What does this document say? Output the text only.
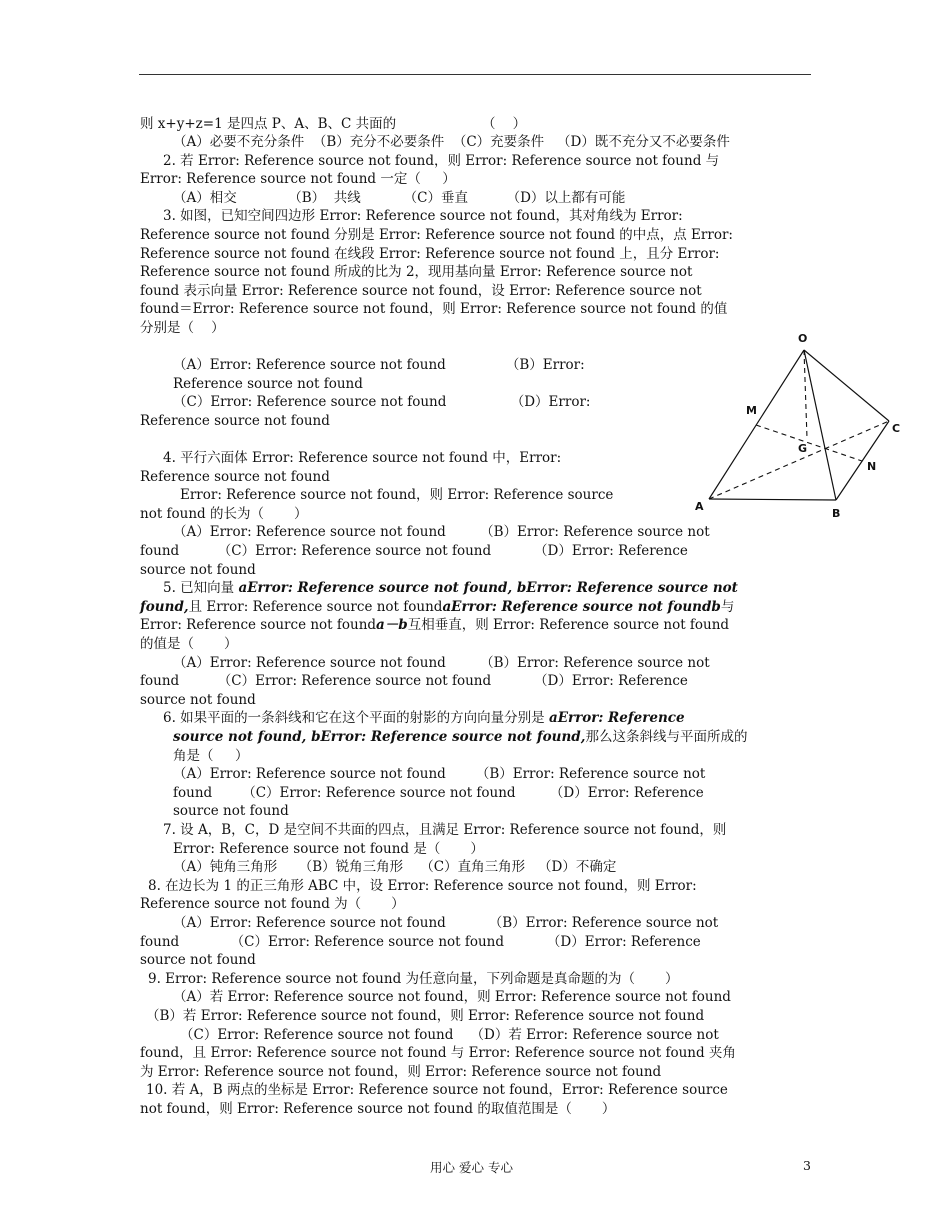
则 x+y+z=1 是四点 P、A、B、C 共面的                    （    ）
（A）必要不充分条件  （B）充分不必要条件  （C）充要条件   （D）既不充分又不必要条件
2. 若 Error: Reference source not found，则 Error: Reference source not found 与
Error: Reference source not found 一定（     ）
（A）相交            （B）  共线          （C）垂直         （D）以上都有可能
3. 如图，已知空间四边形 Error: Reference source not found，其对角线为 Error:
Reference source not found 分别是 Error: Reference source not found 的中点，点 Error:
Reference source not found 在线段 Error: Reference source not found 上，且分 Error:
Reference source not found 所成的比为 2，现用基向量 Error: Reference source not
found 表示向量 Error: Reference source not found，设 Error: Reference source not
found＝Error: Reference source not found，则 Error: Reference source not found 的值
分别是（    ）
（A）Error: Reference source not found              （B）Error:
Reference source not found
（C）Error: Reference source not found               （D）Error:
Reference source not found
4. 平行六面体 Error: Reference source not found 中，Error:
Reference source not found
Error: Reference source not found，则 Error: Reference source
not found 的长为（       ）
（A）Error: Reference source not found        （B）Error: Reference source not
found         （C）Error: Reference source not found          （D）Error: Reference
source not found
5. 已知向量 aError: Reference source not found, bError: Reference source not
found,且 Error: Reference source not foundaError: Reference source not foundb与
Error: Reference source not founda－b互相垂直，则 Error: Reference source not found
的值是（       ）
（A）Error: Reference source not found        （B）Error: Reference source not
found         （C）Error: Reference source not found          （D）Error: Reference
source not found
6. 如果平面的一条斜线和它在这个平面的射影的方向向量分别是 aError: Reference
source not found, bError: Reference source not found,那么这条斜线与平面所成的
角是（     ）
（A）Error: Reference source not found       （B）Error: Reference source not
found       （C）Error: Reference source not found        （D）Error: Reference
source not found
7. 设 A，B，C，D 是空间不共面的四点，且满足 Error: Reference source not found，则
Error: Reference source not found 是（       ）
（A）钝角三角形     （B）锐角三角形    （C）直角三角形   （D）不确定
8. 在边长为 1 的正三角形 ABC 中，设 Error: Reference source not found，则 Error:
Reference source not found 为（       ）
（A）Error: Reference source not found          （B）Error: Reference source not
found            （C）Error: Reference source not found          （D）Error: Reference
source not found
9. Error: Reference source not found 为任意向量，下列命题是真命题的为（       ）
（A）若 Error: Reference source not found，则 Error: Reference source not found
（B）若 Error: Reference source not found，则 Error: Reference source not found
（C）Error: Reference source not found    （D）若 Error: Reference source not
found，且 Error: Reference source not found 与 Error: Reference source not found 夹角
为 Error: Reference source not found，则 Error: Reference source not found
10. 若 A，B 两点的坐标是 Error: Reference source not found，Error: Reference source
not found，则 Error: Reference source not found 的取值范围是（       ）
O
M
C
G
N
A
B
用心 爱心 专心	3
